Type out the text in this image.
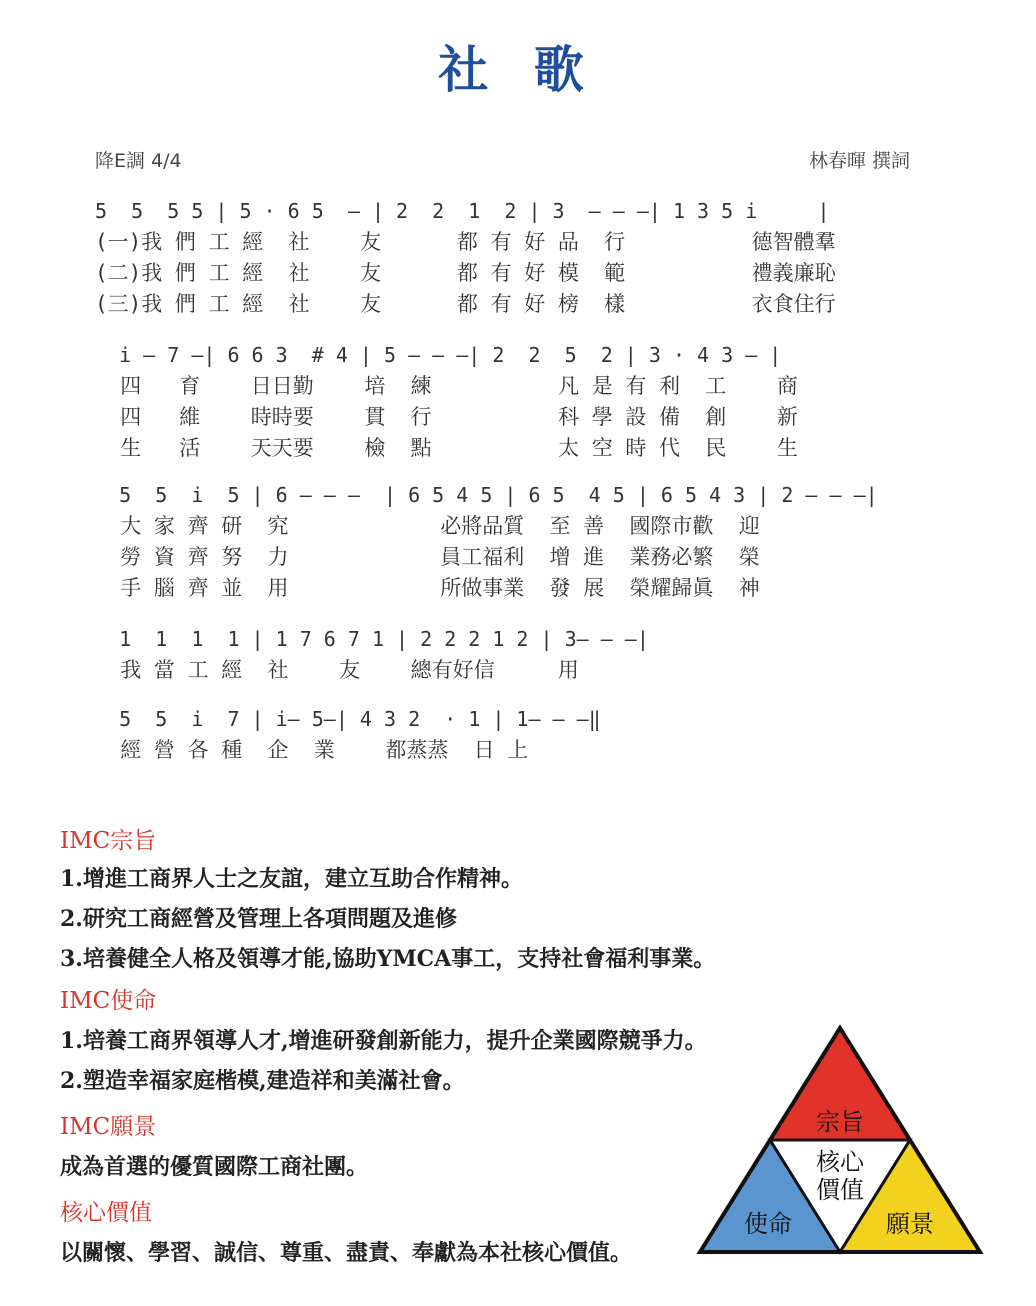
社 歌
降E調 4/4	林春暉 撰詞
5  5  5 5 | 5 · 6 5  — | 2  2  1  2 | 3  — — —| 1 3 5 i     |
(一)我 們 工 經  社    友      都 有 好 品  行          德智體羣
(二)我 們 工 經  社    友      都 有 好 模  範          禮義廉恥
(三)我 們 工 經  社    友      都 有 好 榜  樣          衣食住行
i — 7 —| 6 6 3  # 4 | 5 — — —| 2  2  5  2 | 3 · 4 3 — |
四   育    日日勤    培  練          凡 是 有 利  工    商
四   維    時時要    貫  行          科 學 設 備  創    新
生   活    天天要    檢  點          太 空 時 代  民    生
5  5  i  5 | 6 — — —  | 6 5 4 5 | 6 5  4 5 | 6 5 4 3 | 2 — — —|
大 家 齊 研  究            必將品質  至 善  國際市歡  迎
勞 資 齊 努  力            員工福利  增 進  業務必繁  榮
手 腦 齊 並  用            所做事業  發 展  榮耀歸眞  神
1  1  1  1 | 1 7 6 7 1 | 2 2 2 1 2 | 3— — —|
我 當 工 經  社    友    總有好信     用
5  5  i  7 | i— 5—| 4 3 2  · 1 | 1— — —‖
經 營 各 種  企  業    都蒸蒸  日 上
IMC宗旨
1.增進工商界人士之友誼，建立互助合作精神。
2.研究工商經營及管理上各項問題及進修
3.培養健全人格及領導才能,協助YMCA事工，支持社會福利事業。
IMC使命
1.培養工商界領導人才,增進研發創新能力，提升企業國際競爭力。
2.塑造幸福家庭楷模,建造祥和美滿社會。
IMC願景
成為首選的優質國際工商社團。
核心價值
以關懷、學習、誠信、尊重、盡責、奉獻為本社核心價值。
宗旨
使命	願景
核心
價值
